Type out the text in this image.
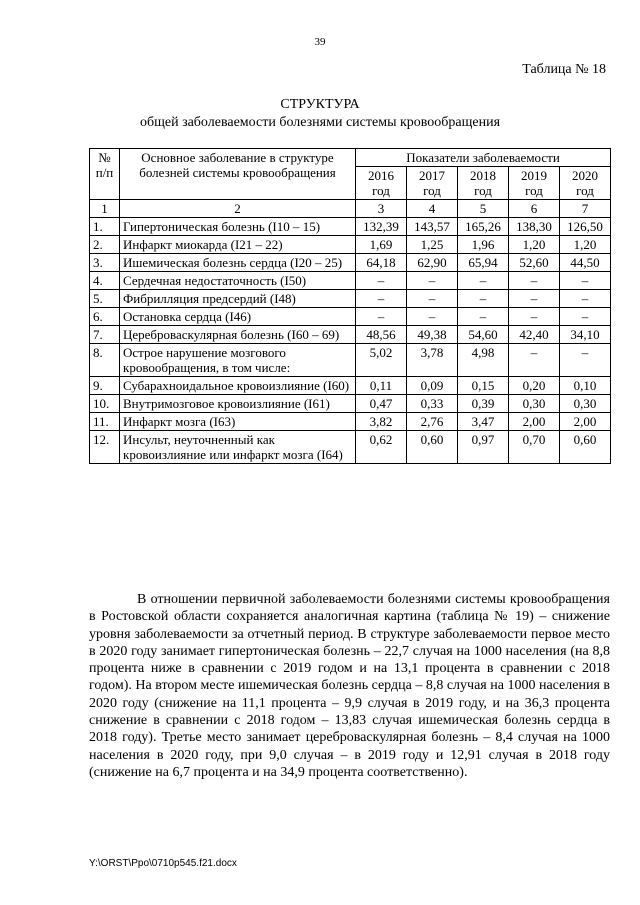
39
Таблица № 18
СТРУКТУРА
общей заболеваемости болезнями системы кровообращения
№ п/п	Основное заболевание в структуре болезней системы кровообращения	Показатели заболеваемости				
		2016 год	2017 год	2018 год	2019 год	2020 год
1	2	3	4	5	6	7
1.	Гипертоническая болезнь (I10 – 15)	132,39	143,57	165,26	138,30	126,50
2.	Инфаркт миокарда (I21 – 22)	1,69	1,25	1,96	1,20	1,20
3.	Ишемическая болезнь сердца (I20 – 25)	64,18	62,90	65,94	52,60	44,50
4.	Сердечная недостаточность (I50)	–	–	–	–	–
5.	Фибрилляция предсердий (I48)	–	–	–	–	–
6.	Остановка сердца (I46)	–	–	–	–	–
7.	Цереброваскулярная болезнь (I60 – 69)	48,56	49,38	54,60	42,40	34,10
8.	Острое нарушение мозгового кровообращения, в том числе:	5,02	3,78	4,98	–	–
9.	Субарахноидальное кровоизлияние (I60)	0,11	0,09	0,15	0,20	0,10
10.	Внутримозговое кровоизлияние (I61)	0,47	0,33	0,39	0,30	0,30
11.	Инфаркт мозга (I63)	3,82	2,76	3,47	2,00	2,00
12.	Инсульт, неуточненный как кровоизлияние или инфаркт мозга (I64)	0,62	0,60	0,97	0,70	0,60

В отношении первичной заболеваемости болезнями системы кровообращения в Ростовской области сохраняется аналогичная картина (таблица № 19) – снижение уровня заболеваемости за отчетный период. В структуре заболеваемости первое место в 2020 году занимает гипертоническая болезнь – 22,7 случая на 1000 населения (на 8,8 процента ниже в сравнении с 2019 годом и на 13,1 процента в сравнении с 2018 годом). На втором месте ишемическая болезнь сердца – 8,8 случая на 1000 населения в 2020 году (снижение на 11,1 процента – 9,9 случая в 2019 году, и на 36,3 процента снижение в сравнении с 2018 годом – 13,83 случая ишемическая болезнь сердца в 2018 году). Третье место занимает цереброваскулярная болезнь – 8,4 случая на 1000 населения в 2020 году, при 9,0 случая – в 2019 году и 12,91 случая в 2018 году (снижение на 6,7 процента и на 34,9 процента соответственно).

Y:\ORST\Ppo\0710p545.f21.docx
